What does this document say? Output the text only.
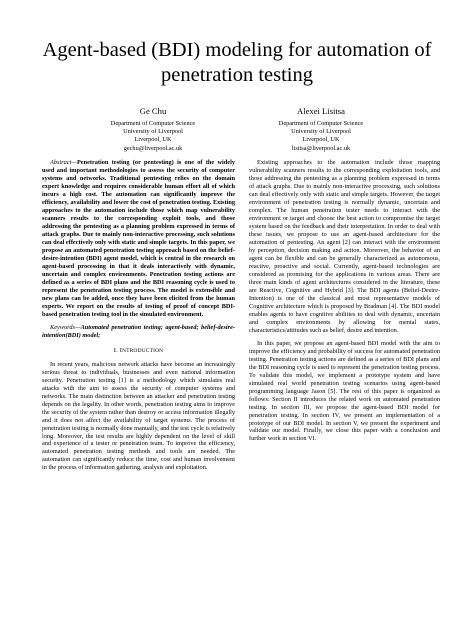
Agent-based (BDI) modeling for automation of penetration testing
Ge Chu
Department of Computer Science
University of Liverpool
Liverpool, UK
gechu@liverpool.ac.uk
Alexei Lisitsa
Department of Computer Science
University of Liverpool
Liverpool, UK
lisitsa@liverpool.ac.uk

Abstract—Penetration testing (or pentesting) is one of the widely used and important methodologies to assess the security of computer systems and networks. Traditional pentesting relies on the domain expert knowledge and requires considerable human effort all of which incurs a high cost. The automation can significantly improve the efficiency, availability and lower the cost of penetration testing. Existing approaches to the automation include those which map vulnerability scanners results to the corresponding exploit tools, and those addressing the pentesting as a planning problem expressed in terms of attack graphs. Due to mainly non-interactive processing, such solutions can deal effectively only with static and simple targets. In this paper, we propose an automated penetration testing approach based on the belief-desire-intention (BDI) agent model, which is central in the research on agent-based processing in that it deals interactively with dynamic, uncertain and complex environments. Penetration testing actions are defined as a series of BDI plans and the BDI reasoning cycle is used to represent the penetration testing process. The model is extensible and new plans can be added, once they have been elicited from the human experts. We report on the results of testing of proof of concept BDI-based penetration testing tool in the simulated environment.

Keywords—Automated penetration testing; agent-based; belief-desire-intention(BDI) model;

I. INTRODUCTION

In recent years, malicious network attacks have become an increasingly serious threat to individuals, businesses and even national information security. Penetration testing [1] is a methodology which simulates real attacks with the aim to assess the security of computer systems and networks. The main distinction between an attacker and penetration testing depends on the legality. In other words, penetration testing aims to improve the security of the system rather than destroy or access information illegally and it does not affect the availability of target systems. The process of penetration testing is normally done manually, and the test cycle is relatively long. Moreover, the test results are highly dependent on the level of skill and experience of a tester or penetration team. To improve the efficiency, automated penetration testing methods and tools are needed. The automation can significantly reduce the time, cost and human involvement in the process of information gathering, analysis and exploitation.

Existing approaches to the automation include those mapping vulnerability scanners results to the corresponding exploitation tools, and those addressing the pentesting as a planning problem expressed in terms of attack graphs. Due to mainly non-interactive processing, such solutions can deal effectively only with static and simple targets. However, the target environment of penetration testing is normally dynamic, uncertain and complex. The human penetration tester needs to interact with the environment or target and choose the best action to compromise the target system based on the feedback and their interpretation. In order to deal with these issues, we propose to use an agent-based architecture for the automation of pentesting. An agent [2] can interact with the environment by perception, decision making and action. Moreover, the behavior of an agent can be flexible and can be generally characterized as autonomous, reactive, proactive and social. Currently, agent-based technologies are considered as promising for the applications in various areas. There are three main kinds of agent architectures considered in the literature, these are Reactive, Cognitive and Hybrid [3]. The BDI agents (Belief-Desire-Intention) is one of the classical and most representative models of Cognitive architecture which is proposed by Bradman [4]. The BDI model enables agents to have cognitive abilities to deal with dynamic, uncertain and complex environments by allowing for mental states, characteristics/attitudes such as belief, desire and intention.

In this paper, we propose an agent-based BDI model with the aim to improve the efficiency and probability of success for automated penetration testing. Penetration testing actions are defined as a series of BDI plans and the BDI reasoning cycle is used to represent the penetration testing process. To validate this model, we implement a prototype system and have simulated real world penetration testing scenarios using agent-based programming language Jason [5]. The rest of this paper is organized as follows: Section II introduces the related work on automated penetration testing. In section III, we propose the agent-based BDI model for penetration testing. In section IV, we present an implementation of a prototype of our BDI model. In section V, we present the experiment and validate our model. Finally, we close this paper with a conclusion and further work in section VI.
